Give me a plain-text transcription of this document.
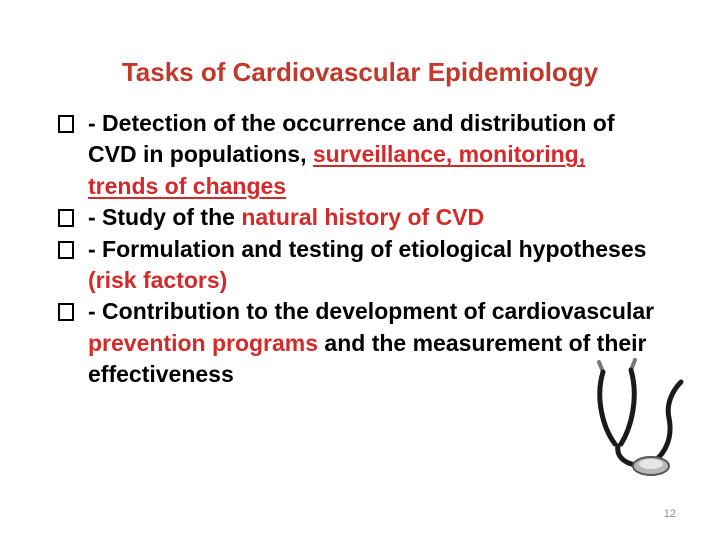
Tasks of Cardiovascular Epidemiology
- Detection of the occurrence and distribution of CVD in populations, surveillance, monitoring, trends of changes
- Study of the natural history of CVD
- Formulation and testing of etiological hypotheses (risk factors)
- Contribution to the development of cardiovascular prevention programs and the measurement of their effectiveness
12
